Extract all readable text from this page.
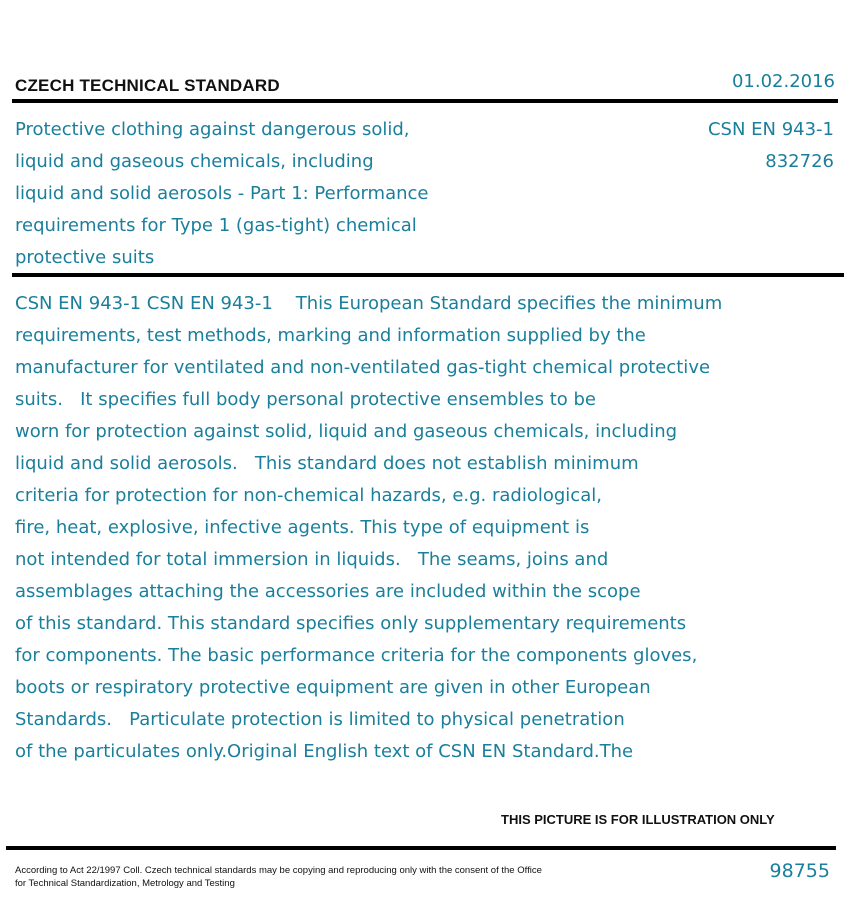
CZECH TECHNICAL STANDARD	01.02.2016
Protective clothing against dangerous solid,
liquid and gaseous chemicals, including
liquid and solid aerosols - Part 1: Performance
requirements for Type 1 (gas-tight) chemical
protective suits
CSN EN 943-1
832726
CSN EN 943-1 CSN EN 943-1    This European Standard specifies the minimum
requirements, test methods, marking and information supplied by the
manufacturer for ventilated and non-ventilated gas-tight chemical protective
suits.   It specifies full body personal protective ensembles to be
worn for protection against solid, liquid and gaseous chemicals, including
liquid and solid aerosols.   This standard does not establish minimum
criteria for protection for non-chemical hazards, e.g. radiological,
fire, heat, explosive, infective agents. This type of equipment is
not intended for total immersion in liquids.   The seams, joins and
assemblages attaching the accessories are included within the scope
of this standard. This standard specifies only supplementary requirements
for components. The basic performance criteria for the components gloves,
boots or respiratory protective equipment are given in other European
Standards.   Particulate protection is limited to physical penetration
of the particulates only.Original English text of CSN EN Standard.The
THIS PICTURE IS FOR ILLUSTRATION ONLY
According to Act 22/1997 Coll. Czech technical standards may be copying and reproducing only with the consent of the Office
for Technical Standardization, Metrology and Testing
98755
